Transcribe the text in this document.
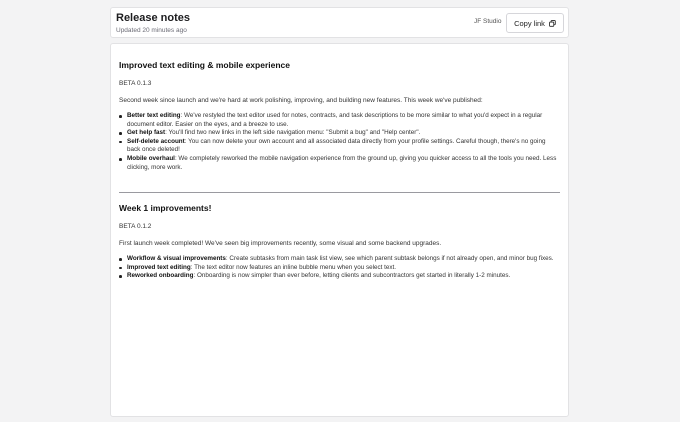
Release notes
Updated 20 minutes ago
JF Studio Copy link
Improved text editing & mobile experience
BETA 0.1.3
Second week since launch and we're hard at work polishing, improving, and building new features. This week we've published:
Better text editing: We've restyled the text editor used for notes, contracts, and task descriptions to be more similar to what you'd expect in a regular document editor. Easier on the eyes, and a breeze to use.
Get help fast: You'll find two new links in the left side navigation menu: "Submit a bug" and "Help center".
Self-delete account: You can now delete your own account and all associated data directly from your profile settings. Careful though, there's no going back once deleted!
Mobile overhaul: We completely reworked the mobile navigation experience from the ground up, giving you quicker access to all the tools you need. Less clicking, more work.
Week 1 improvements!
BETA 0.1.2
First launch week completed! We've seen big improvements recently, some visual and some backend upgrades.
Workflow & visual improvements: Create subtasks from main task list view, see which parent subtask belongs if not already open, and minor bug fixes.
Improved text editing: The text editor now features an inline bubble menu when you select text.
Reworked onboarding: Onboarding is now simpler than ever before, letting clients and subcontractors get started in literally 1-2 minutes.
